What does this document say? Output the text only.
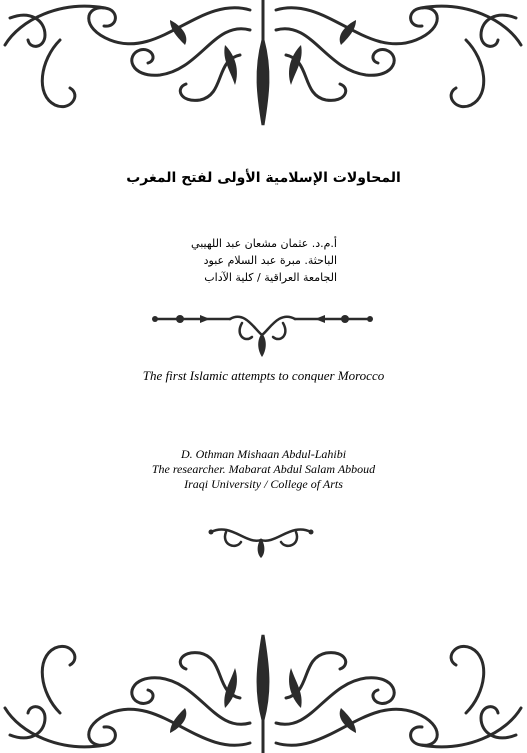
المحاولات الإسلامية الأولى لفتح المغرب
أ.م.د. عثمان مشعان عبد اللهيبي
الباحثة. مبرة عبد السلام عبود
الجامعة العراقية / كلية الآداب
The first Islamic attempts to conquer Morocco
D. Othman Mishaan Abdul-Lahibi
The researcher. Mabarat Abdul Salam Abboud
Iraqi University / College of Arts
